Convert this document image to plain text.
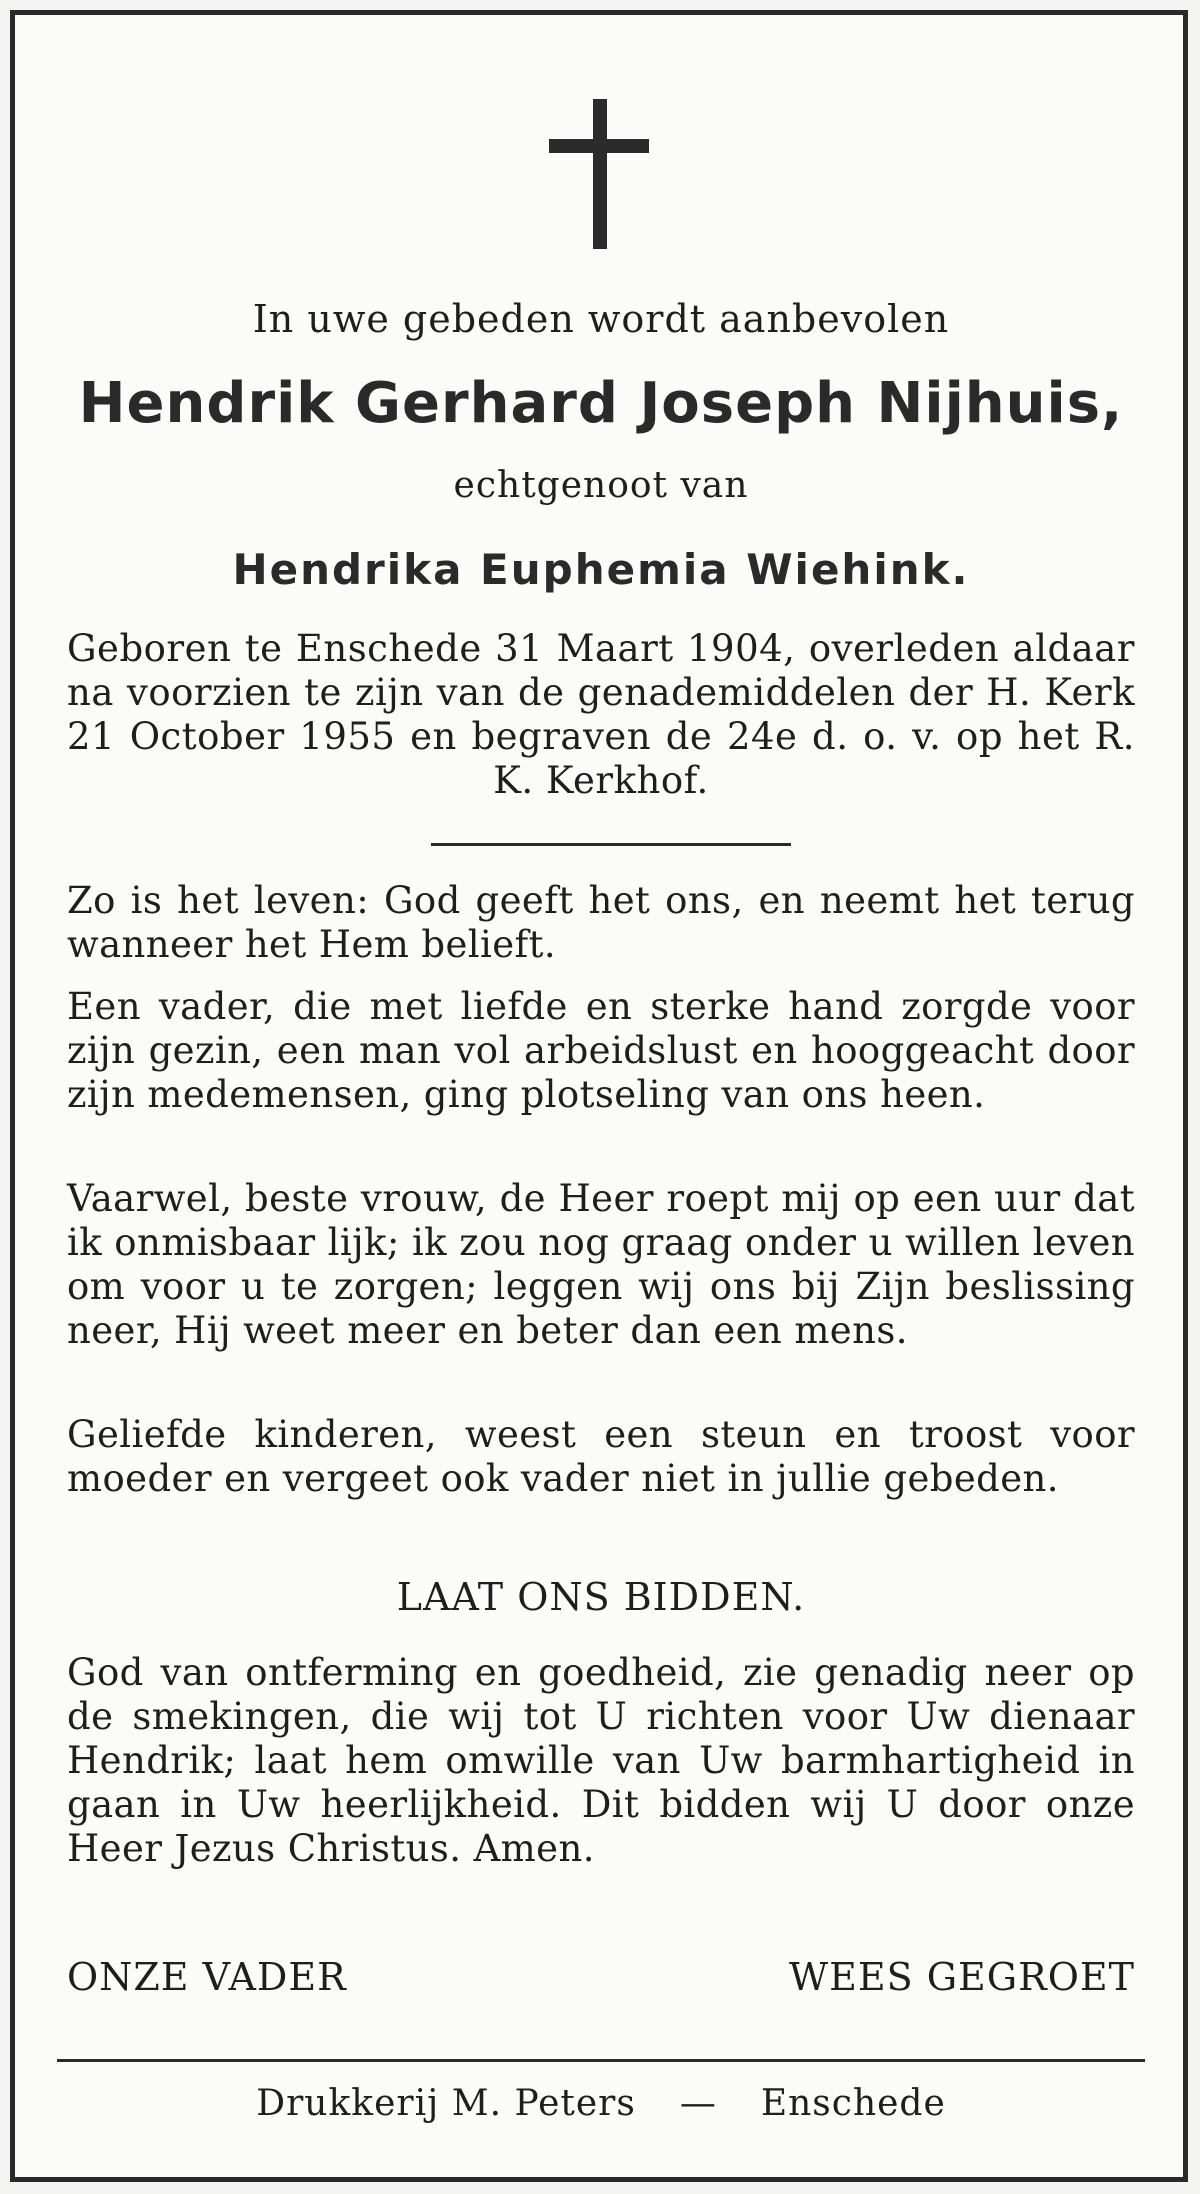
In uwe gebeden wordt aanbevolen
Hendrik Gerhard Joseph Nijhuis,
echtgenoot van
Hendrika Euphemia Wiehink.
Geboren te Enschede 31 Maart 1904, overleden aldaar na voorzien te zijn van de genademiddelen der H. Kerk 21 October 1955 en begraven de 24e d. o. v. op het R. K. Kerkhof.
Zo is het leven: God geeft het ons, en neemt het terug wanneer het Hem belieft.
Een vader, die met liefde en sterke hand zorgde voor zijn gezin, een man vol arbeidslust en hooggeacht door zijn medemensen, ging plotseling van ons heen.
Vaarwel, beste vrouw, de Heer roept mij op een uur dat ik onmisbaar lijk; ik zou nog graag onder u willen leven om voor u te zorgen; leggen wij ons bij Zijn beslissing neer, Hij weet meer en beter dan een mens.
Geliefde kinderen, weest een steun en troost voor moeder en vergeet ook vader niet in jullie gebeden.
LAAT ONS BIDDEN.
God van ontferming en goedheid, zie genadig neer op de smekingen, die wij tot U richten voor Uw dienaar Hendrik; laat hem omwille van Uw barmhartigheid in gaan in Uw heerlijkheid. Dit bidden wij U door onze Heer Jezus Christus. Amen.
ONZE VADER	WEES GEGROET
Drukkerij M. Peters — Enschede
